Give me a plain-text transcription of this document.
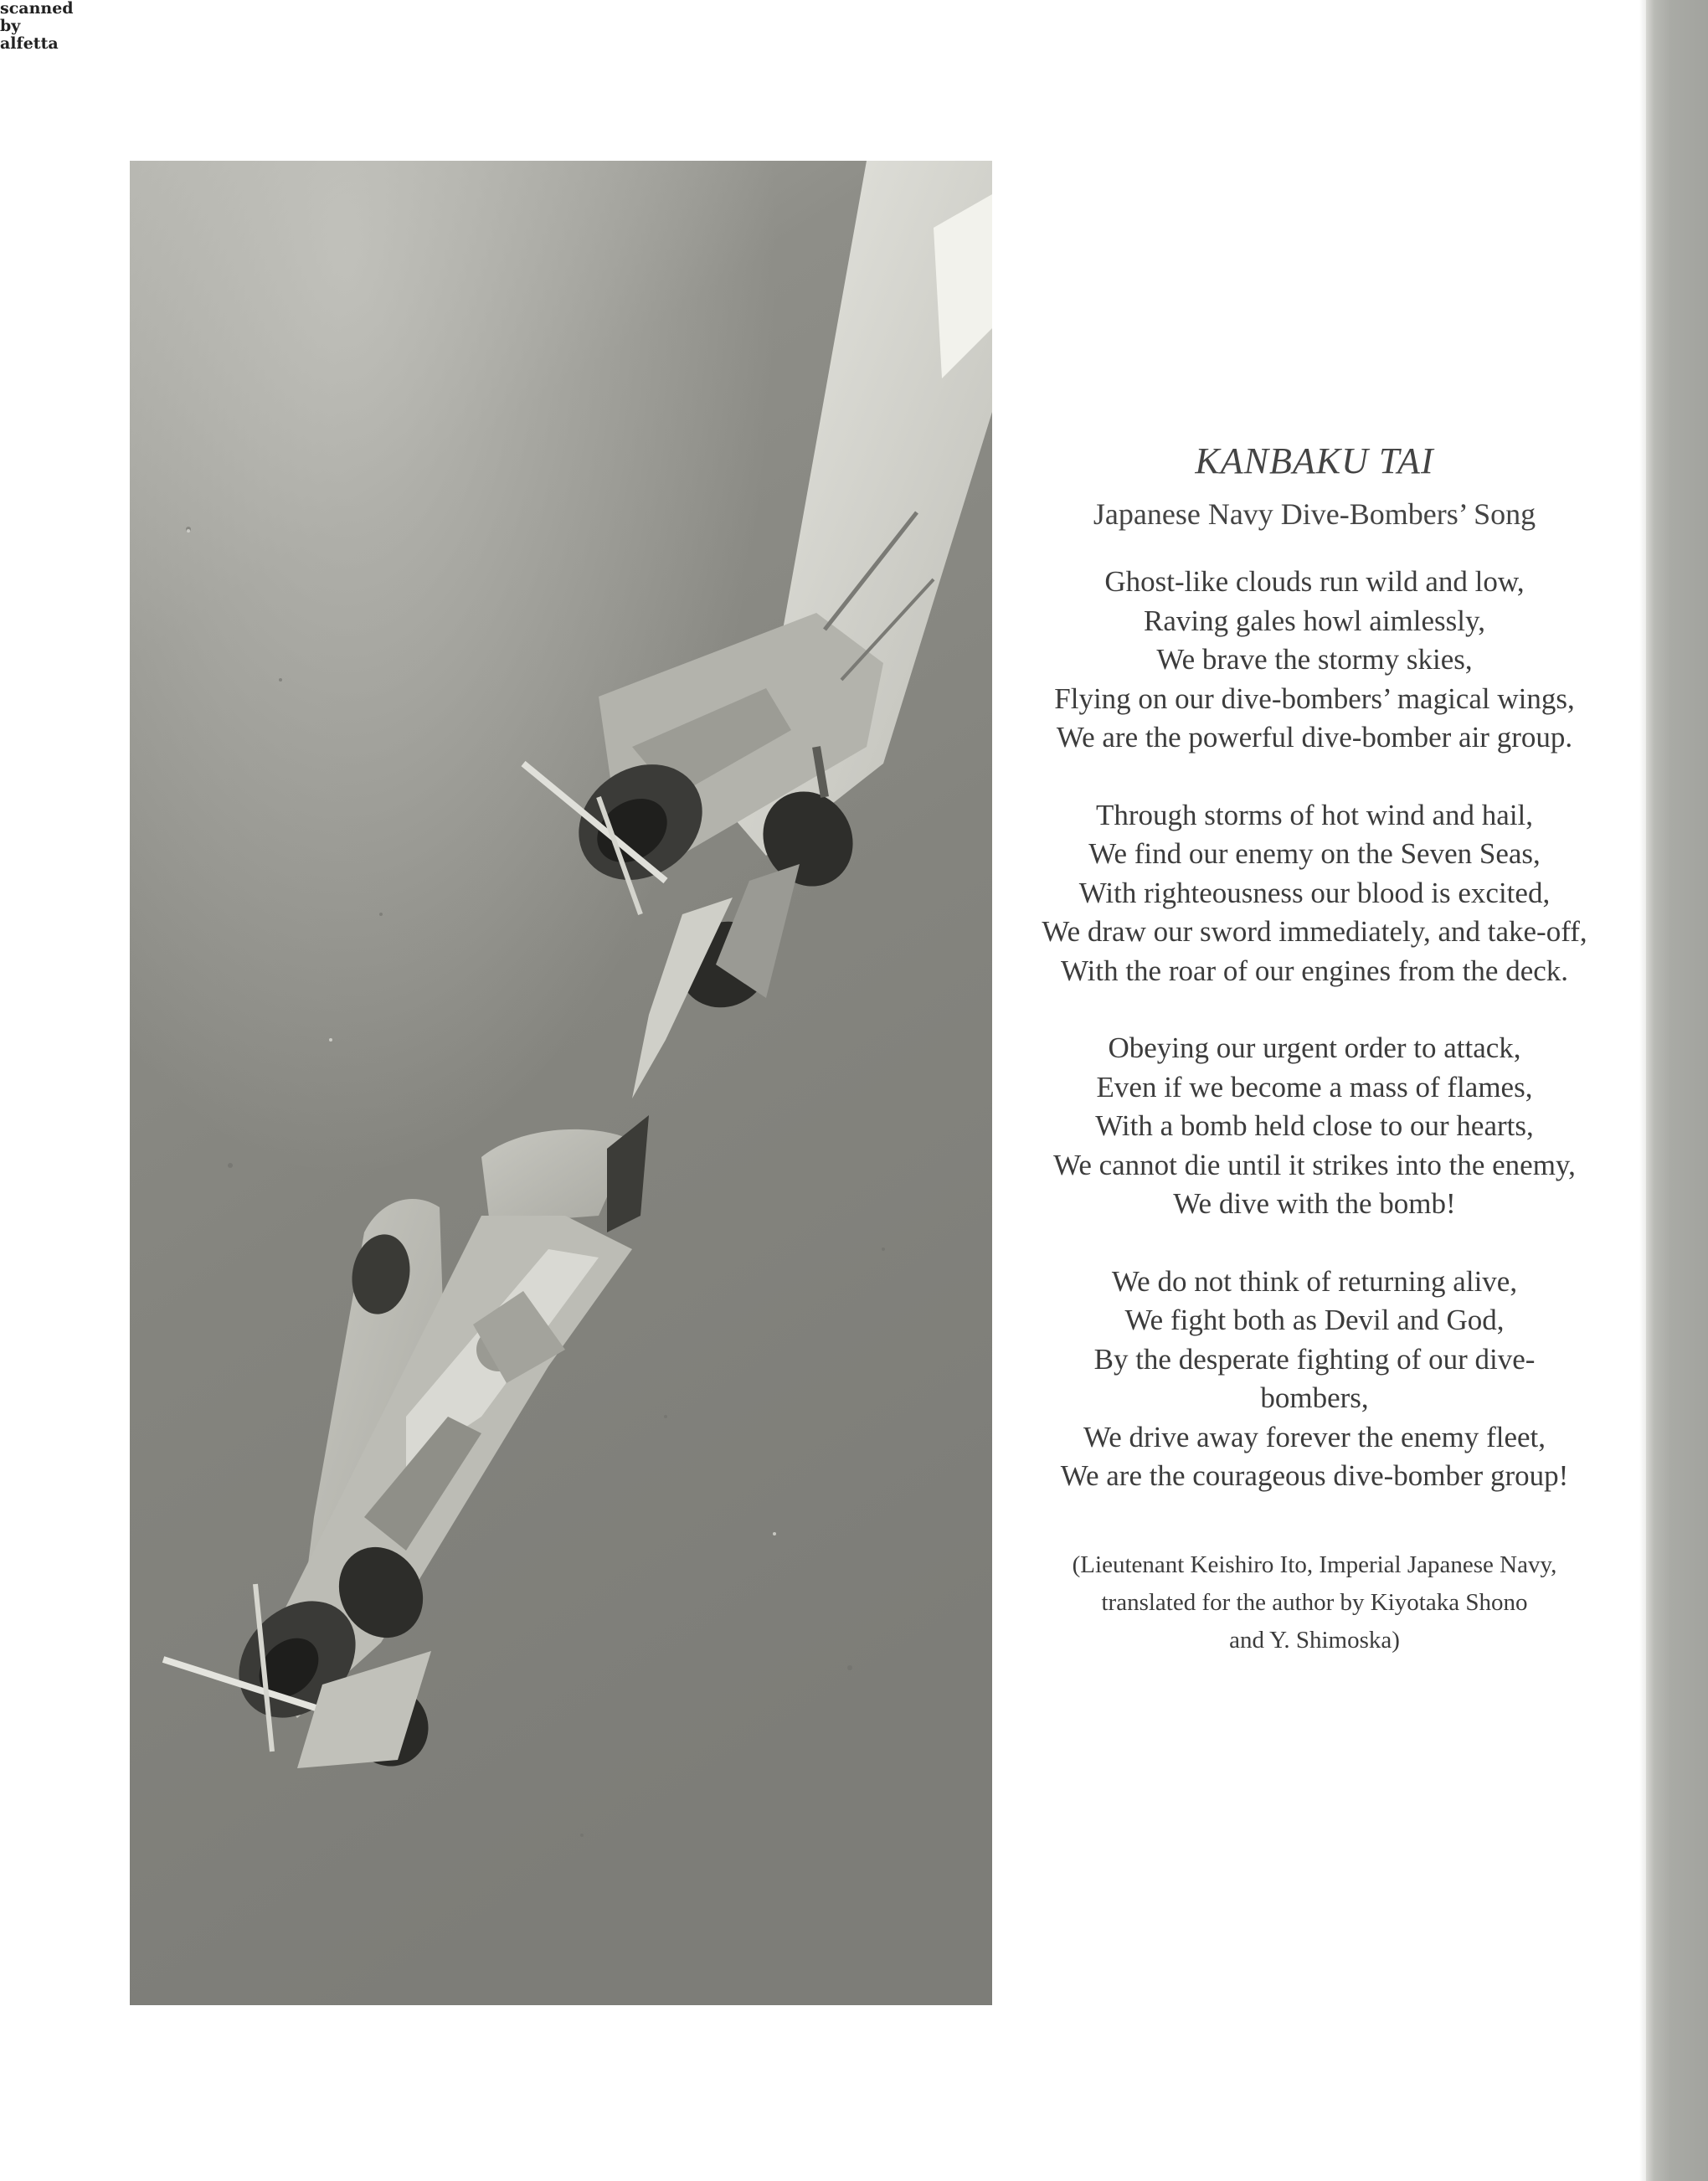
scanned
by
alfetta

KANBAKU TAI

Japanese Navy Dive-Bombers’ Song

Ghost-like clouds run wild and low,
Raving gales howl aimlessly,
We brave the stormy skies,
Flying on our dive-bombers’ magical wings,
We are the powerful dive-bomber air group.
Through storms of hot wind and hail,
We find our enemy on the Seven Seas,
With righteousness our blood is excited,
We draw our sword immediately, and take-off,
With the roar of our engines from the deck.
Obeying our urgent order to attack,
Even if we become a mass of flames,
With a bomb held close to our hearts,
We cannot die until it strikes into the enemy,
We dive with the bomb!
We do not think of returning alive,
We fight both as Devil and God,
By the desperate fighting of our dive-
bombers,
We drive away forever the enemy fleet,
We are the courageous dive-bomber group!
(Lieutenant Keishiro Ito, Imperial Japanese Navy,
translated for the author by Kiyotaka Shono
and Y. Shimoska)
